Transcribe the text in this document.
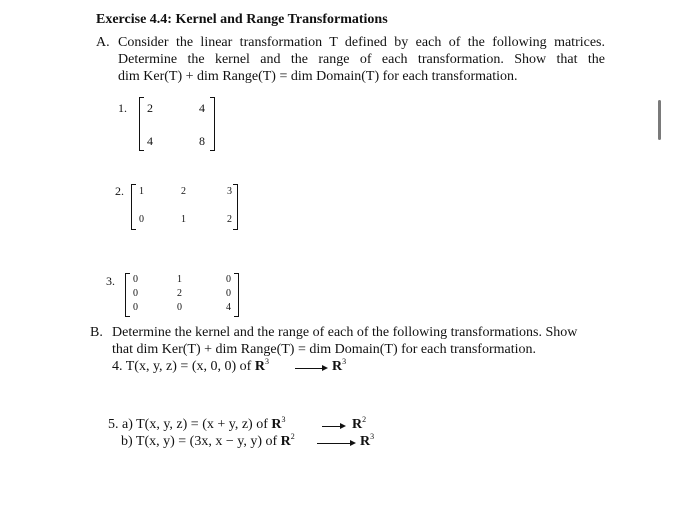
Exercise 4.4: Kernel and Range Transformations
A. Consider the linear transformation T defined by each of the following matrices.
Determine the kernel and the range of each transformation. Show that the
dim Ker(T) + dim Range(T) = dim Domain(T) for each transformation.
1. 2	4
4	8
2. 1	2	3
0	1	2
3. 0	1	0
0	2	0
0	0	4
B. Determine the kernel and the range of each of the following transformations. Show
that dim Ker(T) + dim Range(T) = dim Domain(T) for each transformation.
4. T(x, y, z) = (x, 0, 0) of $R^3$	$R^3$
5. a) T(x, y, z) = (x + y, z) of $R^3$	$R^2$
b) T(x, y) = (3x, x − y, y) of $R^2$	$R^3$
